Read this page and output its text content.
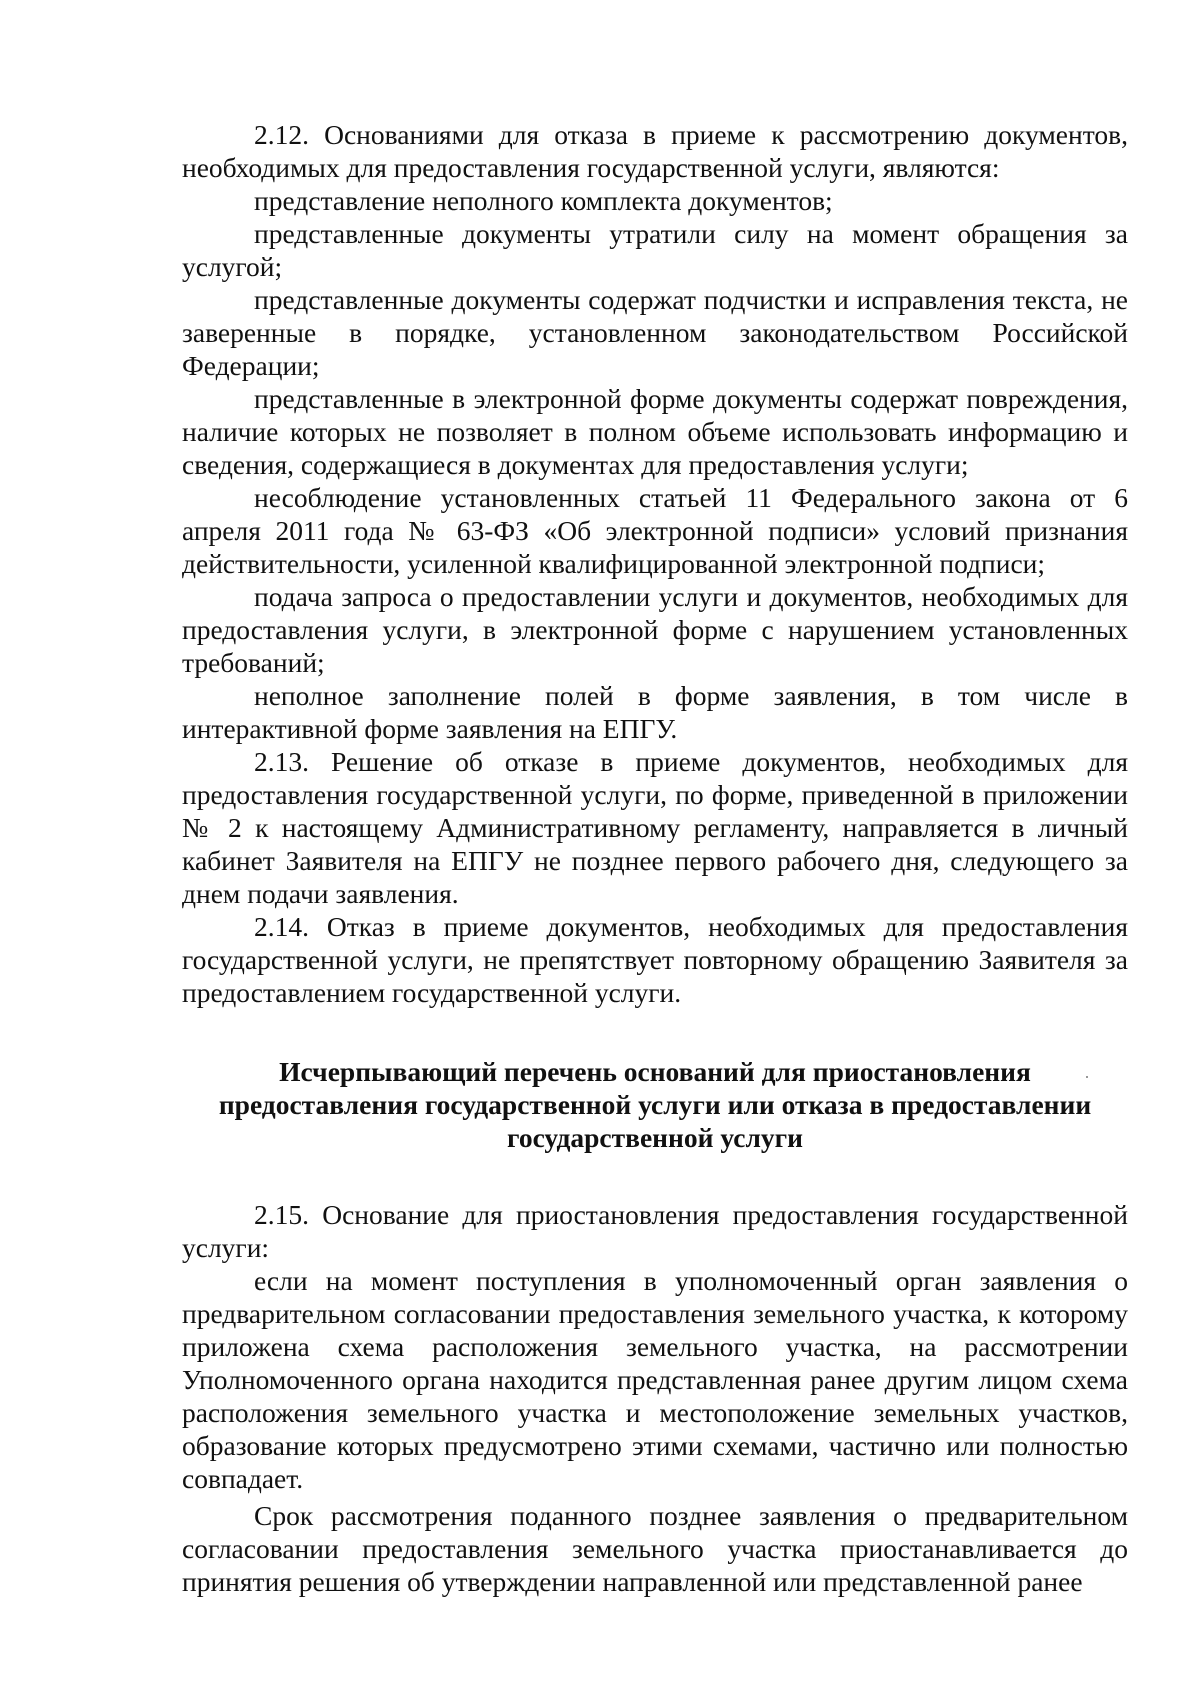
2.12. Основаниями для отказа в приеме к рассмотрению документов, необходимых для предоставления государственной услуги, являются:

представление неполного комплекта документов;

представленные документы утратили силу на момент обращения за услугой;

представленные документы содержат подчистки и исправления текста, не заверенные в порядке, установленном законодательством Российской Федерации;

представленные в электронной форме документы содержат повреждения, наличие которых не позволяет в полном объеме использовать информацию и сведения, содержащиеся в документах для предоставления услуги;

несоблюдение установленных статьей 11 Федерального закона от 6 апреля 2011 года № 63-ФЗ «Об электронной подписи» условий признания действительности, усиленной квалифицированной электронной подписи;

подача запроса о предоставлении услуги и документов, необходимых для предоставления услуги, в электронной форме с нарушением установленных требований;

неполное заполнение полей в форме заявления, в том числе в интерактивной форме заявления на ЕПГУ.

2.13. Решение об отказе в приеме документов, необходимых для предоставления государственной услуги, по форме, приведенной в приложении № 2 к настоящему Административному регламенту, направляется в личный кабинет Заявителя на ЕПГУ не позднее первого рабочего дня, следующего за днем подачи заявления.

2.14. Отказ в приеме документов, необходимых для предоставления государственной услуги, не препятствует повторному обращению Заявителя за предоставлением государственной услуги.

Исчерпывающий перечень оснований для приостановления
предоставления государственной услуги или отказа в предоставлении
государственной услуги

2.15. Основание для приостановления предоставления государственной услуги:

если на момент поступления в уполномоченный орган заявления о предварительном согласовании предоставления земельного участка, к которому приложена схема расположения земельного участка, на рассмотрении Уполномоченного органа находится представленная ранее другим лицом схема расположения земельного участка и местоположение земельных участков, образование которых предусмотрено этими схемами, частично или полностью совпадает.

Срок рассмотрения поданного позднее заявления о предварительном согласовании предоставления земельного участка приостанавливается до принятия решения об утверждении направленной или представленной ранее
